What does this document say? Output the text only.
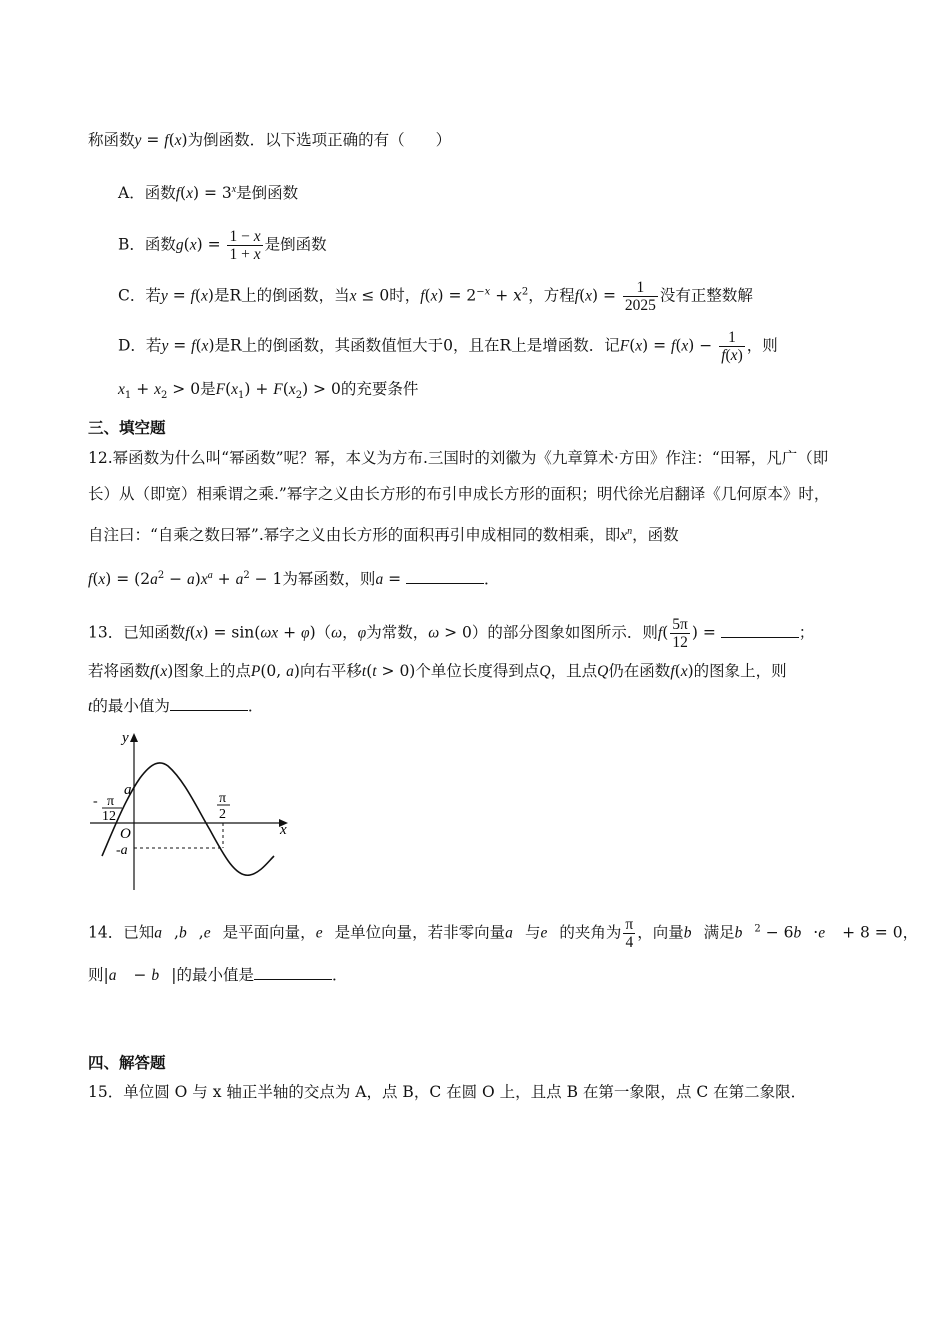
称函数y = f(x)为倒函数．以下选项正确的有（　　）
A．函数$f(x) = 3^x$是倒函数
B．函数$g(x) = \frac{1 - x}{1 + x}$ 是倒函数
C．若y = f(x)是R上的倒函数，当x ≤ 0时，$f(x) = 2^{-x} + x^2$，方程$f(x) = \frac{1}{2025}$ 没有正整数解
D．若y = f(x)是R上的倒函数，其函数值恒大于0，且在R上是增函数．记$F(x) = f(x) - \frac{1}{f(x)}$ ，则
$x_1 + x_2 > 0$是$F(x_1) + F(x_2) > 0$的充要条件
三、填空题
12.幂函数为什么叫“幂函数”呢？幂，本义为方布.三国时的刘徽为《九章算术·方田》作注：“田幂，凡广（即
长）从（即宽）相乘谓之乘.”幂字之义由长方形的布引申成长方形的面积；明代徐光启翻译《几何原本》时，
自注曰：“自乘之数曰幂”.幂字之义由长方形的面积再引申成相同的数相乘，即$x^n$，函数
$f(x) = (2a^2 - a)x^a + a^2 - 1$为幂函数，则a =	．
13．已知函数f(x) = sin(ωx + φ)（ω，φ为常数，ω > 0）的部分图象如图所示．则$f( \frac{5\pi}{12}$ ) =	；
若将函数f(x)图象上的点P(0, a)向右平移t(t > 0)个单位长度得到点Q，且点Q仍在函数f(x)的图象上，则
t的最小值为	．
y
x
O
a
-a
- π
12
π
2
14．已知a⃗,b⃗,e⃗是平面向量，e⃗是单位向量，若非零向量a⃗与e⃗的夹角为 $\frac{\pi}{4}$ ，向量b⃗满足b⃗$^2$ − 6b⃗·e⃗ + 8 = 0，
则|a⃗ − b⃗|的最小值是	．
四、解答题
15．单位圆 O 与 x 轴正半轴的交点为 A，点 B，C 在圆 O 上，且点 B 在第一象限，点 C 在第二象限．
